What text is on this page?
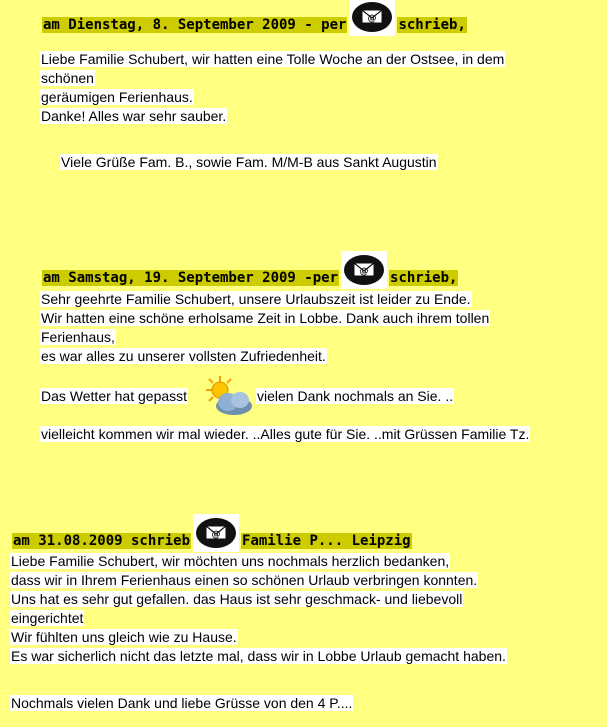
am Dienstag, 8. September 2009 - per @ schrieb,
Liebe Familie Schubert, wir hatten eine Tolle Woche an der Ostsee, in dem
schönen
geräumigen Ferienhaus.
Danke! Alles war sehr sauber.
Viele Grüße Fam. B., sowie Fam. M/M-B aus Sankt Augustin
am Samstag, 19. September 2009 -per @ schrieb,
Sehr geehrte Familie Schubert, unsere Urlaubszeit ist leider zu Ende.
Wir hatten eine schöne erholsame Zeit in Lobbe. Dank auch ihrem tollen
Ferienhaus,
es war alles zu unserer vollsten Zufriedenheit.
Das Wetter hat gepasst	vielen Dank nochmals an Sie. ..
vielleicht kommen wir mal wieder. ..Alles gute für Sie. ..mit Grüssen Familie Tz.
am 31.08.2009 schrieb @ Familie P... Leipzig
Liebe Familie Schubert, wir möchten uns nochmals herzlich bedanken,
dass wir in Ihrem Ferienhaus einen so schönen Urlaub verbringen konnten.
Uns hat es sehr gut gefallen. das Haus ist sehr geschmack- und liebevoll
eingerichtet
Wir fühlten uns gleich wie zu Hause.
Es war sicherlich nicht das letzte mal, dass wir in Lobbe Urlaub gemacht haben.
Nochmals vielen Dank und liebe Grüsse von den 4 P....
